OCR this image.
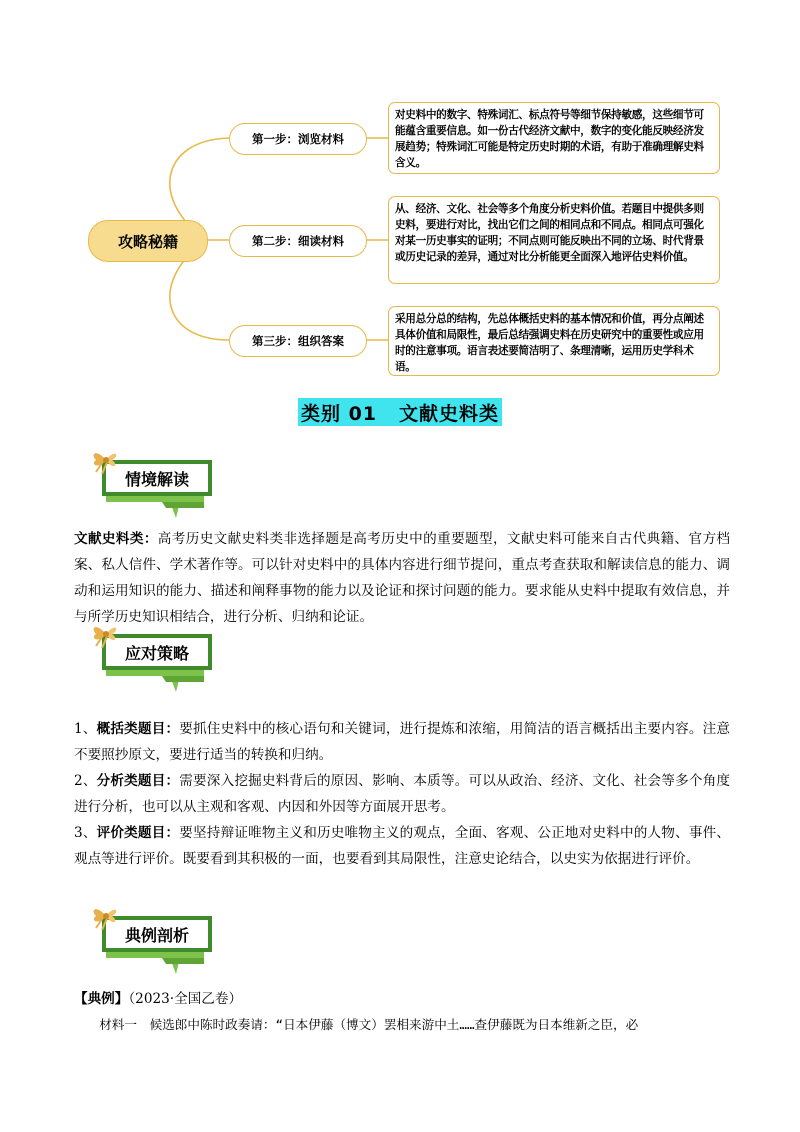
攻略秘籍
第一步：浏览材料
第二步：细读材料
第三步：组织答案
对史料中的数字、特殊词汇、标点符号等细节保持敏感，这些细节可能蕴含重要信息。如一份古代经济文献中，数字的变化能反映经济发展趋势；特殊词汇可能是特定历史时期的术语，有助于准确理解史料含义。
从、经济、文化、社会等多个角度分析史料价值。若题目中提供多则史料，要进行对比，找出它们之间的相同点和不同点。相同点可强化对某一历史事实的证明；不同点则可能反映出不同的立场、时代背景或历史记录的差异，通过对比分析能更全面深入地评估史料价值。
采用总分总的结构，先总体概括史料的基本情况和价值，再分点阐述具体价值和局限性，最后总结强调史料在历史研究中的重要性或应用时的注意事项。语言表述要简洁明了、条理清晰，运用历史学科术语。
类别 01 文献史料类
情境解读
文献史料类：高考历史文献史料类非选择题是高考历史中的重要题型，文献史料可能来自古代典籍、官方档案、私人信件、学术著作等。可以针对史料中的具体内容进行细节提问，重点考查获取和解读信息的能力、调动和运用知识的能力、描述和阐释事物的能力以及论证和探讨问题的能力。要求能从史料中提取有效信息，并与所学历史知识相结合，进行分析、归纳和论证。
应对策略
1、概括类题目：要抓住史料中的核心语句和关键词，进行提炼和浓缩，用简洁的语言概括出主要内容。注意不要照抄原文，要进行适当的转换和归纳。
2、分析类题目：需要深入挖掘史料背后的原因、影响、本质等。可以从政治、经济、文化、社会等多个角度进行分析，也可以从主观和客观、内因和外因等方面展开思考。
3、评价类题目：要坚持辩证唯物主义和历史唯物主义的观点，全面、客观、公正地对史料中的人物、事件、观点等进行评价。既要看到其积极的一面，也要看到其局限性，注意史论结合，以史实为依据进行评价。
典例剖析
【典例】（2023·全国乙卷）
材料一　候选郎中陈时政奏请：“日本伊藤（博文）罢相来游中土……查伊藤既为日本维新之臣，必
